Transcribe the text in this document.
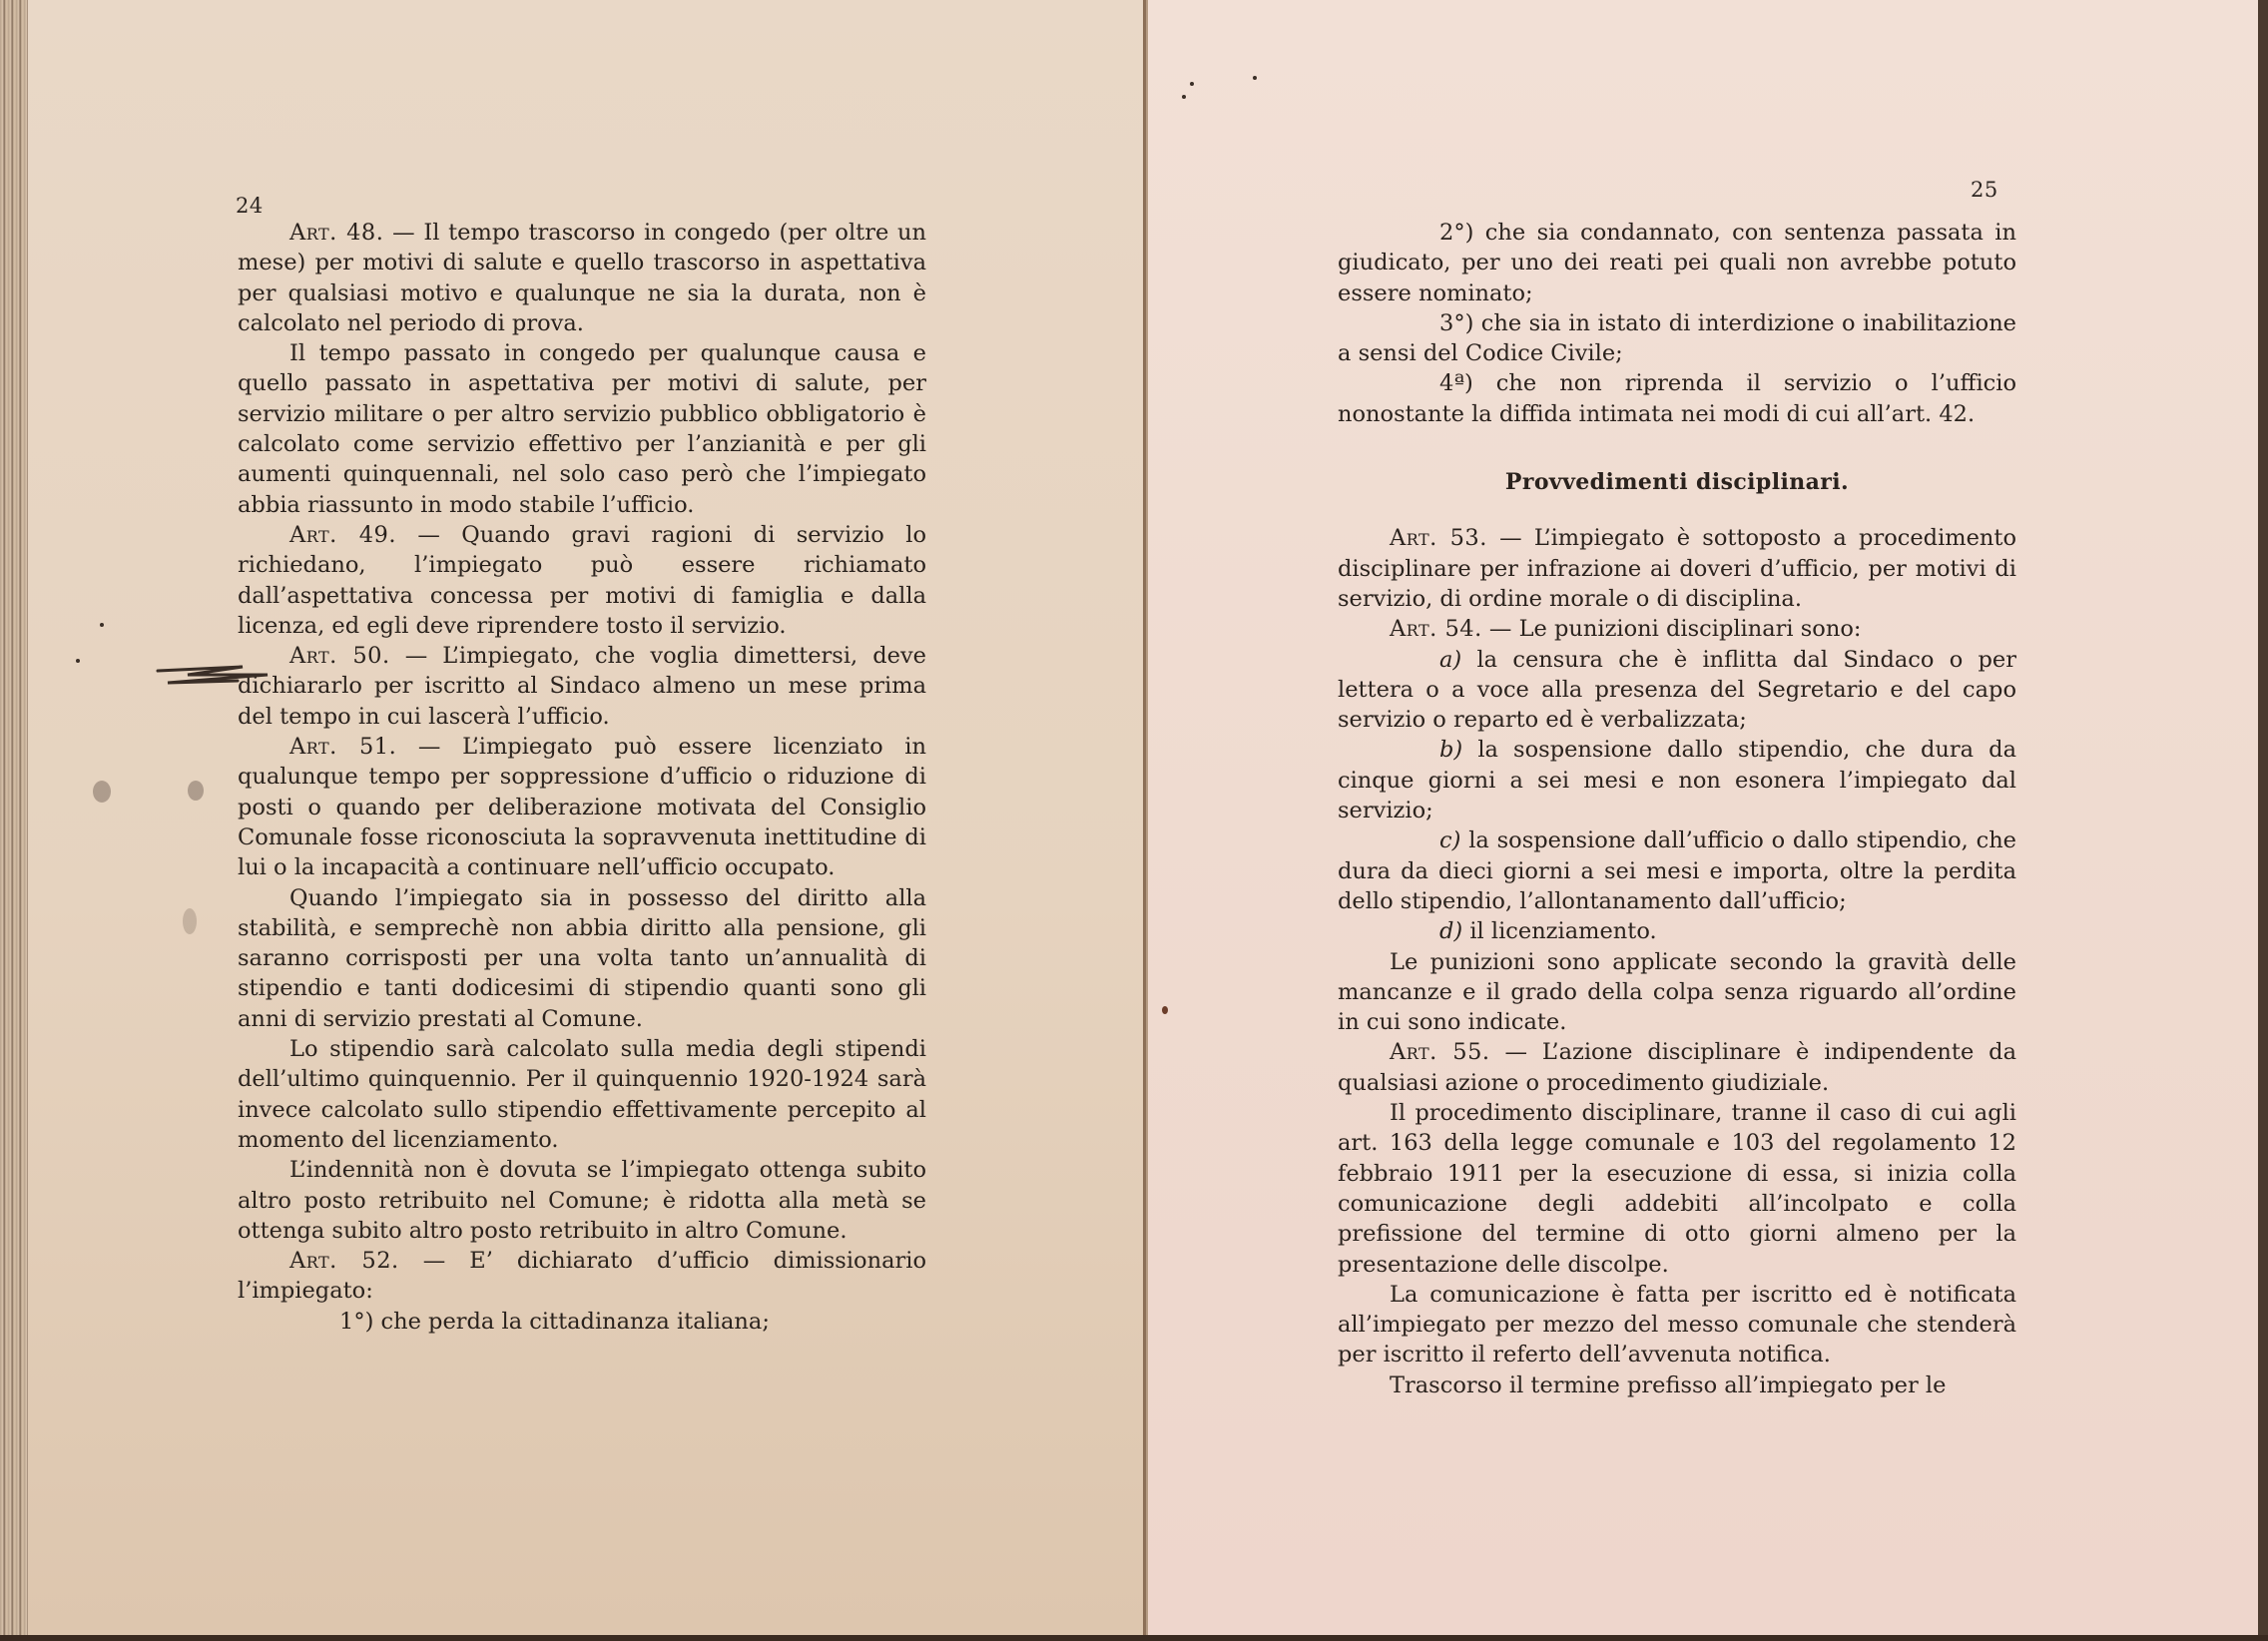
24

Art. 48. — Il tempo trascorso in congedo (per oltre un mese) per motivi di salute e quello trascorso in aspettativa per qualsiasi motivo e qualunque ne sia la durata, non è calcolato nel periodo di prova.

Il tempo passato in congedo per qualunque causa e quello passato in aspettativa per motivi di salute, per servizio militare o per altro servizio pubblico obbligatorio è calcolato come servizio effettivo per l’anzianità e per gli aumenti quinquennali, nel solo caso però che l’impiegato abbia riassunto in modo stabile l’ufficio.

Art. 49. — Quando gravi ragioni di servizio lo richiedano, l’impiegato può essere richiamato dall’aspettativa concessa per motivi di famiglia e dalla licenza, ed egli deve riprendere tosto il servizio.

Art. 50. — L’impiegato, che voglia dimettersi, deve dichiararlo per iscritto al Sindaco almeno un mese prima del tempo in cui lascerà l’ufficio.

Art. 51. — L’impiegato può essere licenziato in qualunque tempo per soppressione d’ufficio o riduzione di posti o quando per deliberazione motivata del Consiglio Comunale fosse riconosciuta la sopravvenuta inettitudine di lui o la incapacità a continuare nell’ufficio occupato.

Quando l’impiegato sia in possesso del diritto alla stabilità, e semprechè non abbia diritto alla pensione, gli saranno corrisposti per una volta tanto un’annualità di stipendio e tanti dodicesimi di stipendio quanti sono gli anni di servizio prestati al Comune.

Lo stipendio sarà calcolato sulla media degli stipendi dell’ultimo quinquennio. Per il quinquennio 1920-1924 sarà invece calcolato sullo stipendio effettivamente percepito al momento del licenziamento.

L’indennità non è dovuta se l’impiegato ottenga subito altro posto retribuito nel Comune; è ridotta alla metà se ottenga subito altro posto retribuito in altro Comune.

Art. 52. — E’ dichiarato d’ufficio dimissionario l’impiegato:

1°) che perda la cittadinanza italiana;

25

2°) che sia condannato, con sentenza passata in giudicato, per uno dei reati pei quali non avrebbe potuto essere nominato;

3°) che sia in istato di interdizione o inabilitazione a sensi del Codice Civile;

4ª) che non riprenda il servizio o l’ufficio nonostante la diffida intimata nei modi di cui all’art. 42.

Provvedimenti disciplinari.

Art. 53. — L’impiegato è sottoposto a procedimento disciplinare per infrazione ai doveri d’ufficio, per motivi di servizio, di ordine morale o di disciplina.

Art. 54. — Le punizioni disciplinari sono:

a) la censura che è inflitta dal Sindaco o per lettera o a voce alla presenza del Segretario e del capo servizio o reparto ed è verbalizzata;

b) la sospensione dallo stipendio, che dura da cinque giorni a sei mesi e non esonera l’impiegato dal servizio;

c) la sospensione dall’ufficio o dallo stipendio, che dura da dieci giorni a sei mesi e importa, oltre la perdita dello stipendio, l’allontanamento dall’ufficio;

d) il licenziamento.

Le punizioni sono applicate secondo la gravità delle mancanze e il grado della colpa senza riguardo all’ordine in cui sono indicate.

Art. 55. — L’azione disciplinare è indipendente da qualsiasi azione o procedimento giudiziale.

Il procedimento disciplinare, tranne il caso di cui agli art. 163 della legge comunale e 103 del regolamento 12 febbraio 1911 per la esecuzione di essa, si inizia colla comunicazione degli addebiti all’incolpato e colla prefissione del termine di otto giorni almeno per la presentazione delle discolpe.

La comunicazione è fatta per iscritto ed è notificata all’impiegato per mezzo del messo comunale che stenderà per iscritto il referto dell’avvenuta notifica.

Trascorso il termine prefisso all’impiegato per le
